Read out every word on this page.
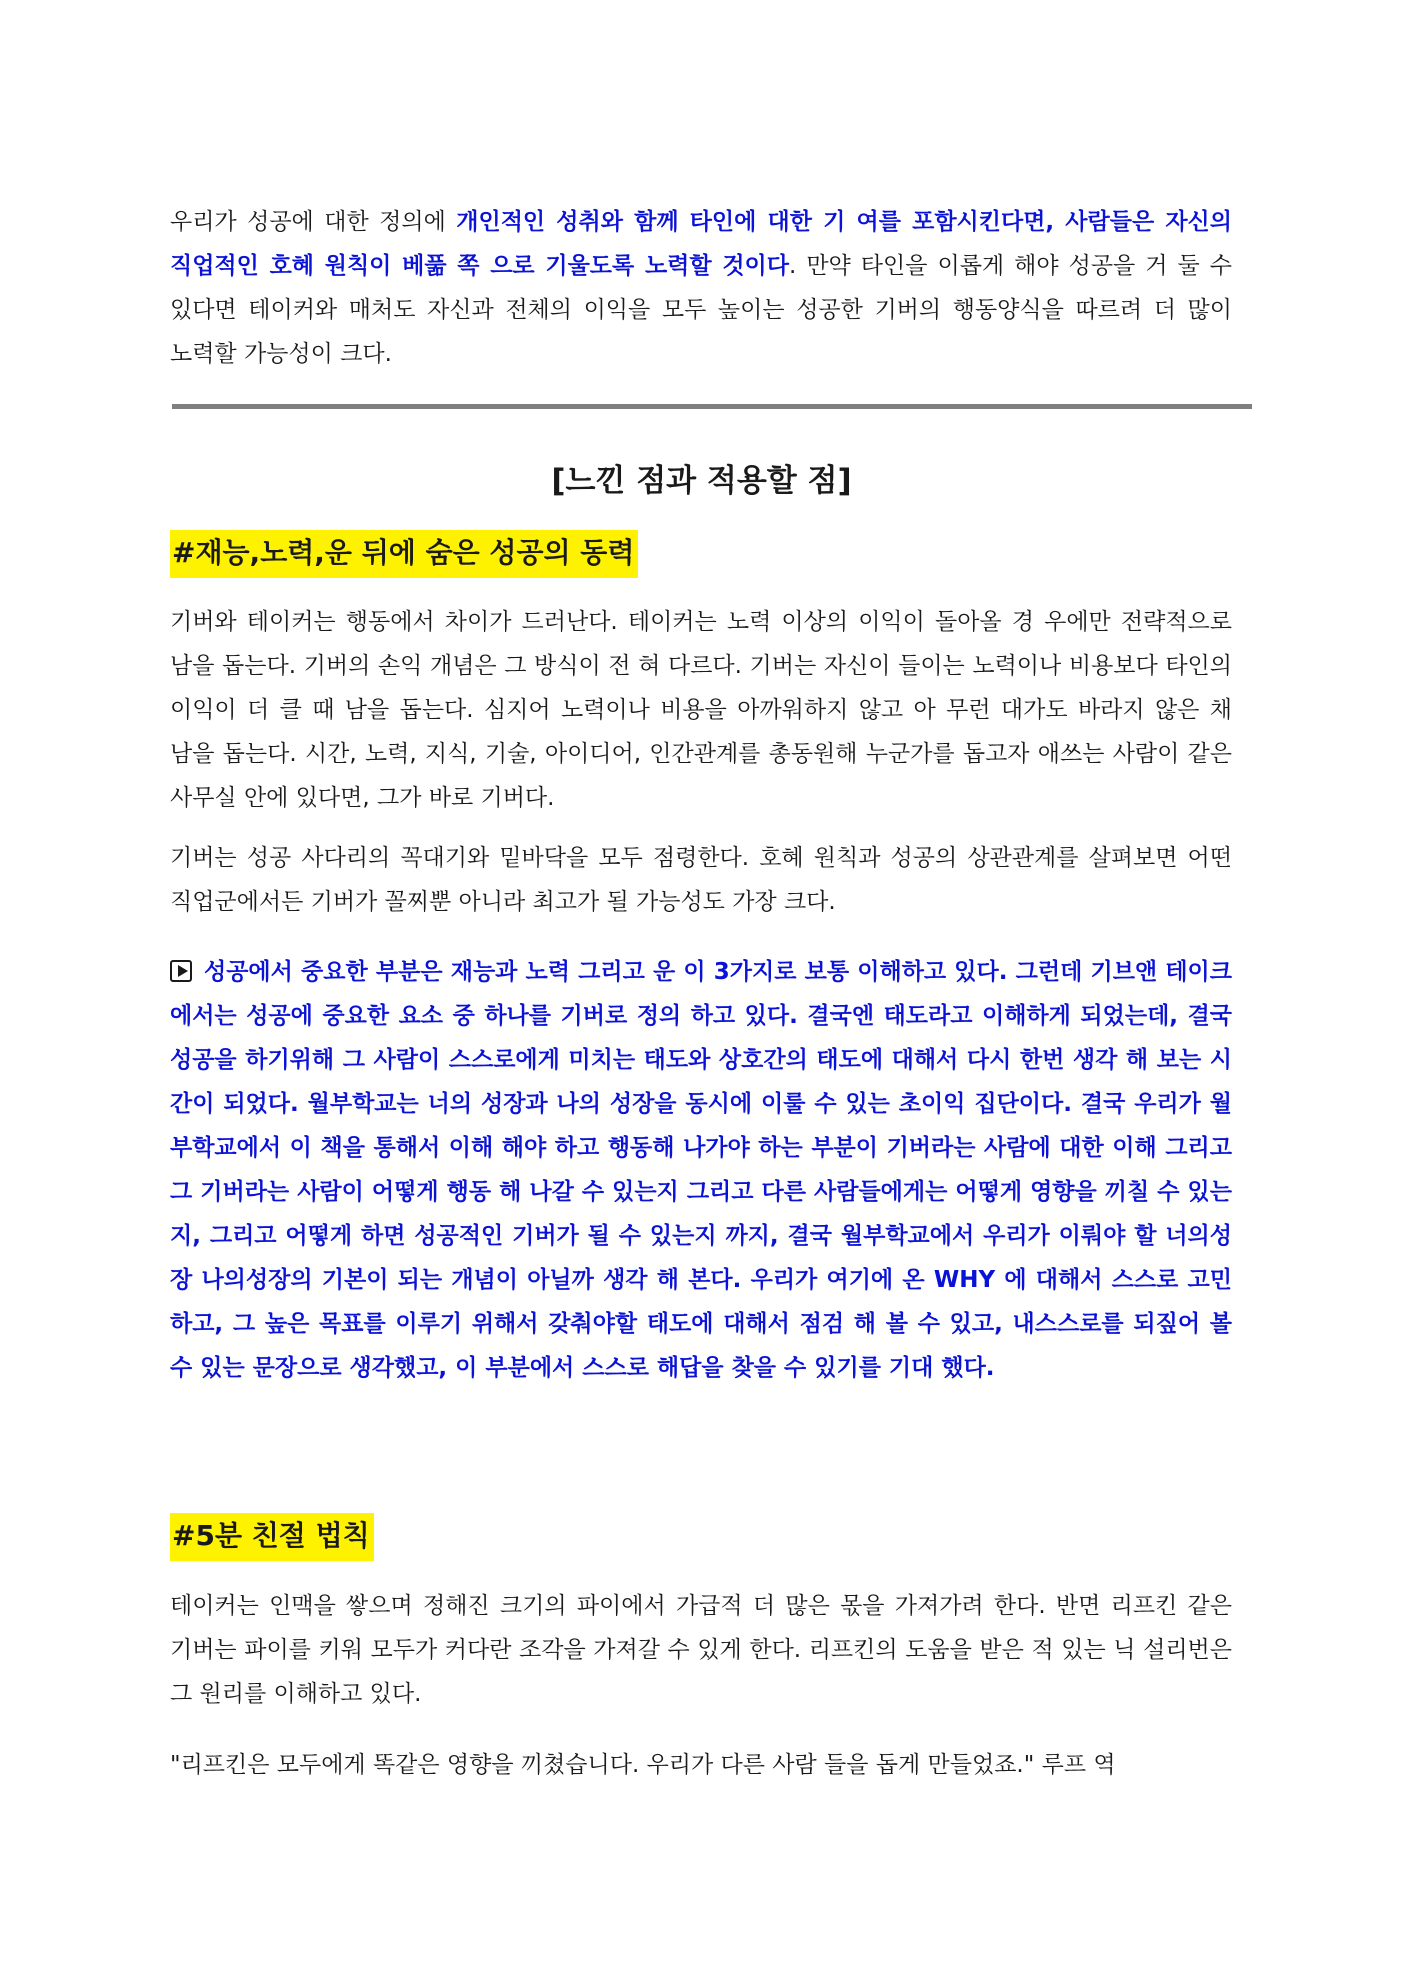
우리가 성공에 대한 정의에 개인적인 성취와 함께 타인에 대한 기 여를 포함시킨다면, 사람들은 자신의 직업적인 호혜 원칙이 베풂 쪽 으로 기울도록 노력할 것이다. 만약 타인을 이롭게 해야 성공을 거 둘 수 있다면 테이커와 매처도 자신과 전체의 이익을 모두 높이는 성공한 기버의 행동양식을 따르려 더 많이 노력할 가능성이 크다.

[느낀 점과 적용할 점]
#재능,노력,운 뒤에 숨은 성공의 동력

기버와 테이커는 행동에서 차이가 드러난다. 테이커는 노력 이상의 이익이 돌아올 경 우에만 전략적으로 남을 돕는다. 기버의 손익 개념은 그 방식이 전 혀 다르다. 기버는 자신이 들이는 노력이나 비용보다 타인의 이익이 더 클 때 남을 돕는다. 심지어 노력이나 비용을 아까워하지 않고 아 무런 대가도 바라지 않은 채 남을 돕는다. 시간, 노력, 지식, 기술, 아이디어, 인간관계를 총동원해 누군가를 돕고자 애쓰는 사람이 같은 사무실 안에 있다면, 그가 바로 기버다.

기버는 성공 사다리의 꼭대기와 밑바닥을 모두 점령한다. 호혜 원칙과 성공의 상관관계를 살펴보면 어떤 직업군에서든 기버가 꼴찌뿐 아니라 최고가 될 가능성도 가장 크다.

성공에서 중요한 부분은 재능과 노력 그리고 운 이 3가지로 보통 이해하고 있다. 그런데 기브앤 테이크에서는 성공에 중요한 요소 중 하나를 기버로 정의 하고 있다. 결국엔 태도라고 이해하게 되었는데, 결국 성공을 하기위해 그 사람이 스스로에게 미치는 태도와 상호간의 태도에 대해서 다시 한번 생각 해 보는 시간이 되었다. 월부학교는 너의 성장과 나의 성장을 동시에 이룰 수 있는 초이익 집단이다. 결국 우리가 월부학교에서 이 책을 통해서 이해 해야 하고 행동해 나가야 하는 부분이 기버라는 사람에 대한 이해 그리고 그 기버라는 사람이 어떻게 행동 해 나갈 수 있는지 그리고 다른 사람들에게는 어떻게 영향을 끼칠 수 있는지, 그리고 어떻게 하면 성공적인 기버가 될 수 있는지 까지, 결국 월부학교에서 우리가 이뤄야 할 너의성장 나의성장의 기본이 되는 개념이 아닐까 생각 해 본다. 우리가 여기에 온 WHY 에 대해서 스스로 고민하고, 그 높은 목표를 이루기 위해서 갖춰야할 태도에 대해서 점검 해 볼 수 있고, 내스스로를 되짚어 볼 수 있는 문장으로 생각했고, 이 부분에서 스스로 해답을 찾을 수 있기를 기대 했다.

#5분 친절 법칙

테이커는 인맥을 쌓으며 정해진 크기의 파이에서 가급적 더 많은 몫을 가져가려 한다. 반면 리프킨 같은 기버는 파이를 키워 모두가 커다란 조각을 가져갈 수 있게 한다. 리프킨의 도움을 받은 적 있는 닉 설리번은 그 원리를 이해하고 있다.

"리프킨은 모두에게 똑같은 영향을 끼쳤습니다. 우리가 다른 사람 들을 돕게 만들었죠." 루프 역
